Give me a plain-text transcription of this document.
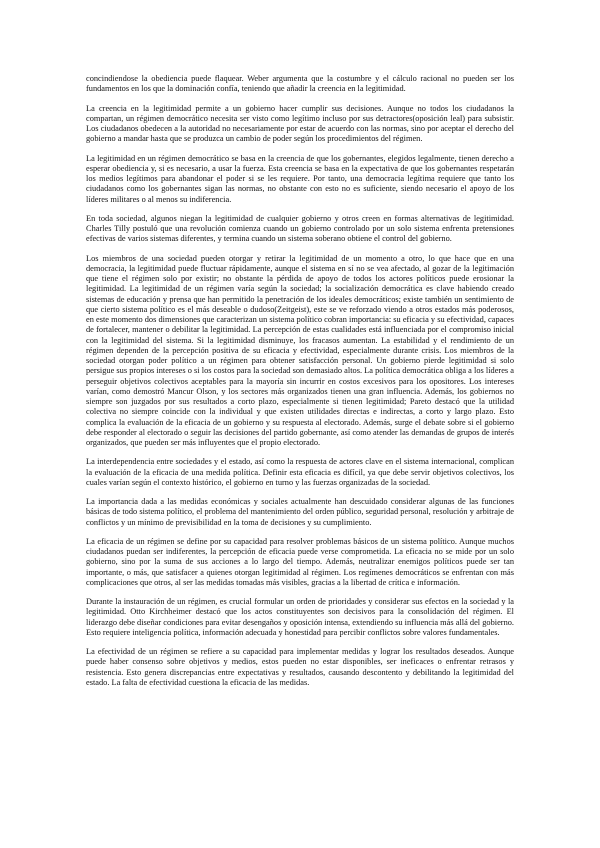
concindiendose la obediencia puede flaquear. Weber argumenta que la costumbre y el cálculo racional no pueden ser los fundamentos en los que la dominación confía, teniendo que añadir la creencia en la legitimidad.

La creencia en la legitimidad permite a un gobierno hacer cumplir sus decisiones. Aunque no todos los ciudadanos la compartan, un régimen democrático necesita ser visto como legítimo incluso por sus detractores(oposición leal) para subsistir. Los ciudadanos obedecen a la autoridad no necesariamente por estar de acuerdo con las normas, sino por aceptar el derecho del gobierno a mandar hasta que se produzca un cambio de poder según los procedimientos del régimen.

La legitimidad en un régimen democrático se basa en la creencia de que los gobernantes, elegidos legalmente, tienen derecho a esperar obediencia y, si es necesario, a usar la fuerza. Esta creencia se basa en la expectativa de que los gobernantes respetarán los medios legítimos para abandonar el poder si se les requiere. Por tanto, una democracia legítima requiere que tanto los ciudadanos como los gobernantes sigan las normas, no obstante con esto no es suficiente, siendo necesario el apoyo de los líderes militares o al menos su indiferencia.

En toda sociedad, algunos niegan la legitimidad de cualquier gobierno y otros creen en formas alternativas de legitimidad. Charles Tilly postuló que una revolución comienza cuando un gobierno controlado por un solo sistema enfrenta pretensiones efectivas de varios sistemas diferentes, y termina cuando un sistema soberano obtiene el control del gobierno.

Los miembros de una sociedad pueden otorgar y retirar la legitimidad de un momento a otro, lo que hace que en una democracia, la legitimidad puede fluctuar rápidamente, aunque el sistema en sí no se vea afectado, al gozar de la legitimación que tiene el régimen solo por existir; no obstante la pérdida de apoyo de todos los actores políticos puede erosionar la legitimidad. La legitimidad de un régimen varía según la sociedad; la socialización democrática es clave habiendo creado sistemas de educación y prensa que han permitido la penetración de los ideales democráticos; existe también un sentimiento de que cierto sistema político es el más deseable o dudoso(Zeitgeist), este se ve reforzado viendo a otros estados más poderosos, en este momento dos dimensiones que caracterizan un sistema político cobran importancia: su eficacia y su efectividad, capaces de fortalecer, mantener o debilitar la legitimidad. La percepción de estas cualidades está influenciada por el compromiso inicial con la legitimidad del sistema. Si la legitimidad disminuye, los fracasos aumentan. La estabilidad y el rendimiento de un régimen dependen de la percepción positiva de su eficacia y efectividad, especialmente durante crisis. Los miembros de la sociedad otorgan poder político a un régimen para obtener satisfacción personal. Un gobierno pierde legitimidad si solo persigue sus propios intereses o si los costos para la sociedad son demasiado altos. La política democrática obliga a los líderes a perseguir objetivos colectivos aceptables para la mayoría sin incurrir en costos excesivos para los opositores. Los intereses varían, como demostró Mancur Olson, y los sectores más organizados tienen una gran influencia. Además, los gobiernos no siempre son juzgados por sus resultados a corto plazo, especialmente si tienen legitimidad; Pareto destacó que la utilidad colectiva no siempre coincide con la individual y que existen utilidades directas e indirectas, a corto y largo plazo. Esto complica la evaluación de la eficacia de un gobierno y su respuesta al electorado. Además, surge el debate sobre si el gobierno debe responder al electorado o seguir las decisiones del partido gobernante, así como atender las demandas de grupos de interés organizados, que pueden ser más influyentes que el propio electorado.

La interdependencia entre sociedades y el estado, así como la respuesta de actores clave en el sistema internacional, complican la evaluación de la eficacia de una medida política. Definir esta eficacia es difícil, ya que debe servir objetivos colectivos, los cuales varían según el contexto histórico, el gobierno en turno y las fuerzas organizadas de la sociedad.

La importancia dada a las medidas económicas y sociales actualmente han descuidado considerar algunas de las funciones básicas de todo sistema político, el problema del mantenimiento del orden público, seguridad personal, resolución y arbitraje de conflictos y un mínimo de previsibilidad en la toma de decisiones y su cumplimiento.

La eficacia de un régimen se define por su capacidad para resolver problemas básicos de un sistema político. Aunque muchos ciudadanos puedan ser indiferentes, la percepción de eficacia puede verse comprometida. La eficacia no se mide por un solo gobierno, sino por la suma de sus acciones a lo largo del tiempo. Además, neutralizar enemigos políticos puede ser tan importante, o más, que satisfacer a quienes otorgan legitimidad al régimen. Los regímenes democráticos se enfrentan con más complicaciones que otros, al ser las medidas tomadas más visibles, gracias a la libertad de crítica e información.

Durante la instauración de un régimen, es crucial formular un orden de prioridades y considerar sus efectos en la sociedad y la legitimidad. Otto Kirchheimer destacó que los actos constituyentes son decisivos para la consolidación del régimen. El liderazgo debe diseñar condiciones para evitar desengaños y oposición intensa, extendiendo su influencia más allá del gobierno. Esto requiere inteligencia política, información adecuada y honestidad para percibir conflictos sobre valores fundamentales.

La efectividad de un régimen se refiere a su capacidad para implementar medidas y lograr los resultados deseados. Aunque puede haber consenso sobre objetivos y medios, estos pueden no estar disponibles, ser ineficaces o enfrentar retrasos y resistencia. Esto genera discrepancias entre expectativas y resultados, causando descontento y debilitando la legitimidad del estado. La falta de efectividad cuestiona la eficacia de las medidas.
